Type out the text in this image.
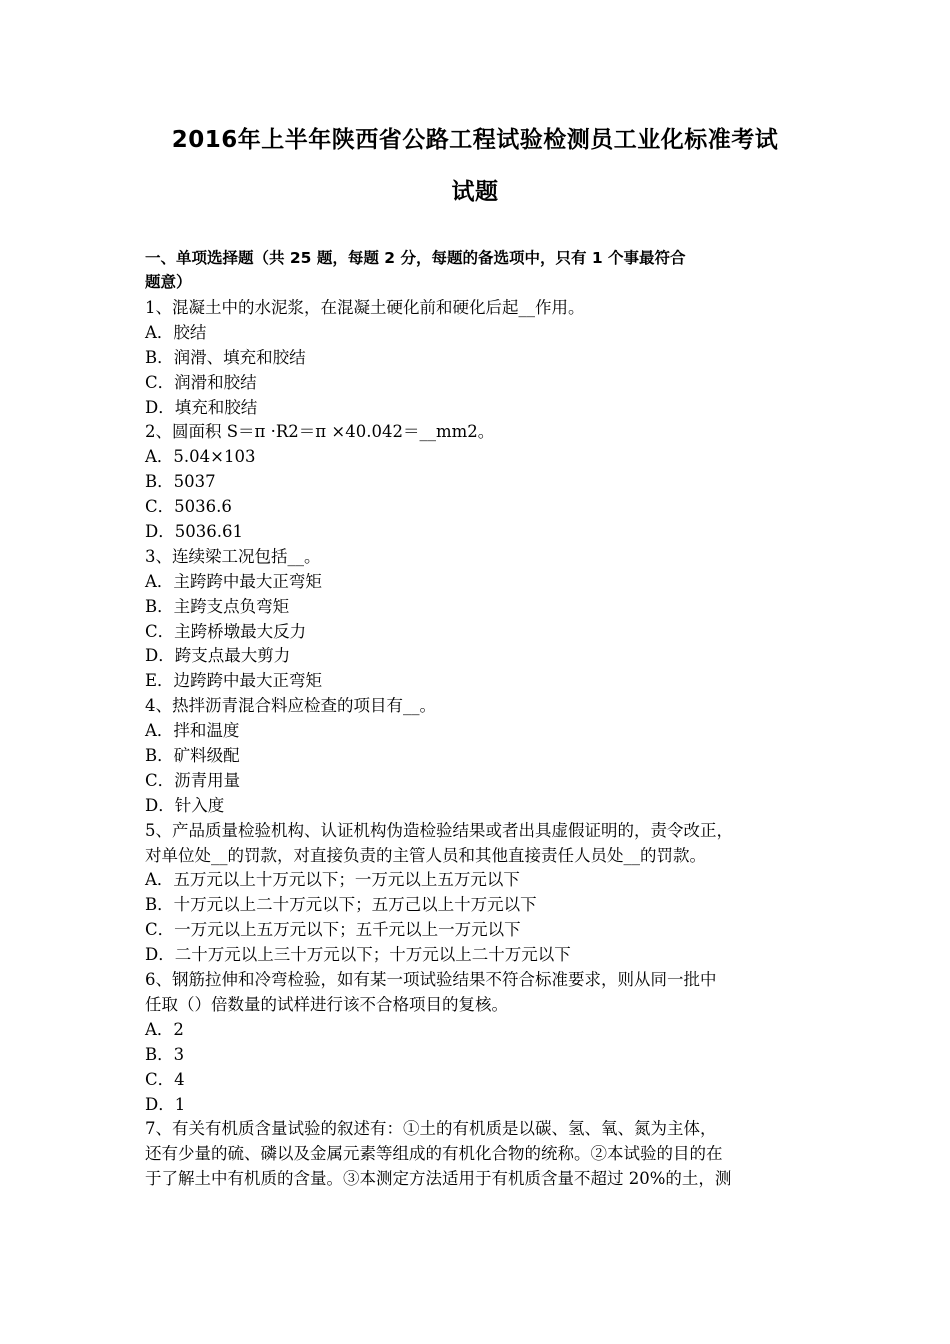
2016年上半年陕西省公路工程试验检测员工业化标准考试
试题
一、单项选择题（共 25 题，每题 2 分，每题的备选项中，只有 1 个事最符合
题意）
1、混凝土中的水泥浆，在混凝土硬化前和硬化后起__作用。
A．胶结
B．润滑、填充和胶结
C．润滑和胶结
D．填充和胶结
2、圆面积 S＝π ·R2＝π ×40.042＝__mm2。
A．5.04×103
B．5037
C．5036.6
D．5036.61
3、连续梁工况包括__。
A．主跨跨中最大正弯矩
B．主跨支点负弯矩
C．主跨桥墩最大反力
D．跨支点最大剪力
E．边跨跨中最大正弯矩
4、热拌沥青混合料应检查的项目有__。
A．拌和温度
B．矿料级配
C．沥青用量
D．针入度
5、产品质量检验机构、认证机构伪造检验结果或者出具虚假证明的，责令改正，
对单位处__的罚款，对直接负责的主管人员和其他直接责任人员处__的罚款。
A．五万元以上十万元以下；一万元以上五万元以下
B．十万元以上二十万元以下；五万己以上十万元以下
C．一万元以上五万元以下；五千元以上一万元以下
D．二十万元以上三十万元以下；十万元以上二十万元以下
6、钢筋拉伸和冷弯检验，如有某一项试验结果不符合标准要求，则从同一批中
任取（）倍数量的试样进行该不合格项目的复核。
A．2
B．3
C．4
D．1
7、有关有机质含量试验的叙述有：①土的有机质是以碳、氢、氧、氮为主体，
还有少量的硫、磷以及金属元素等组成的有机化合物的统称。②本试验的目的在
于了解土中有机质的含量。③本测定方法适用于有机质含量不超过 20%的土，测
